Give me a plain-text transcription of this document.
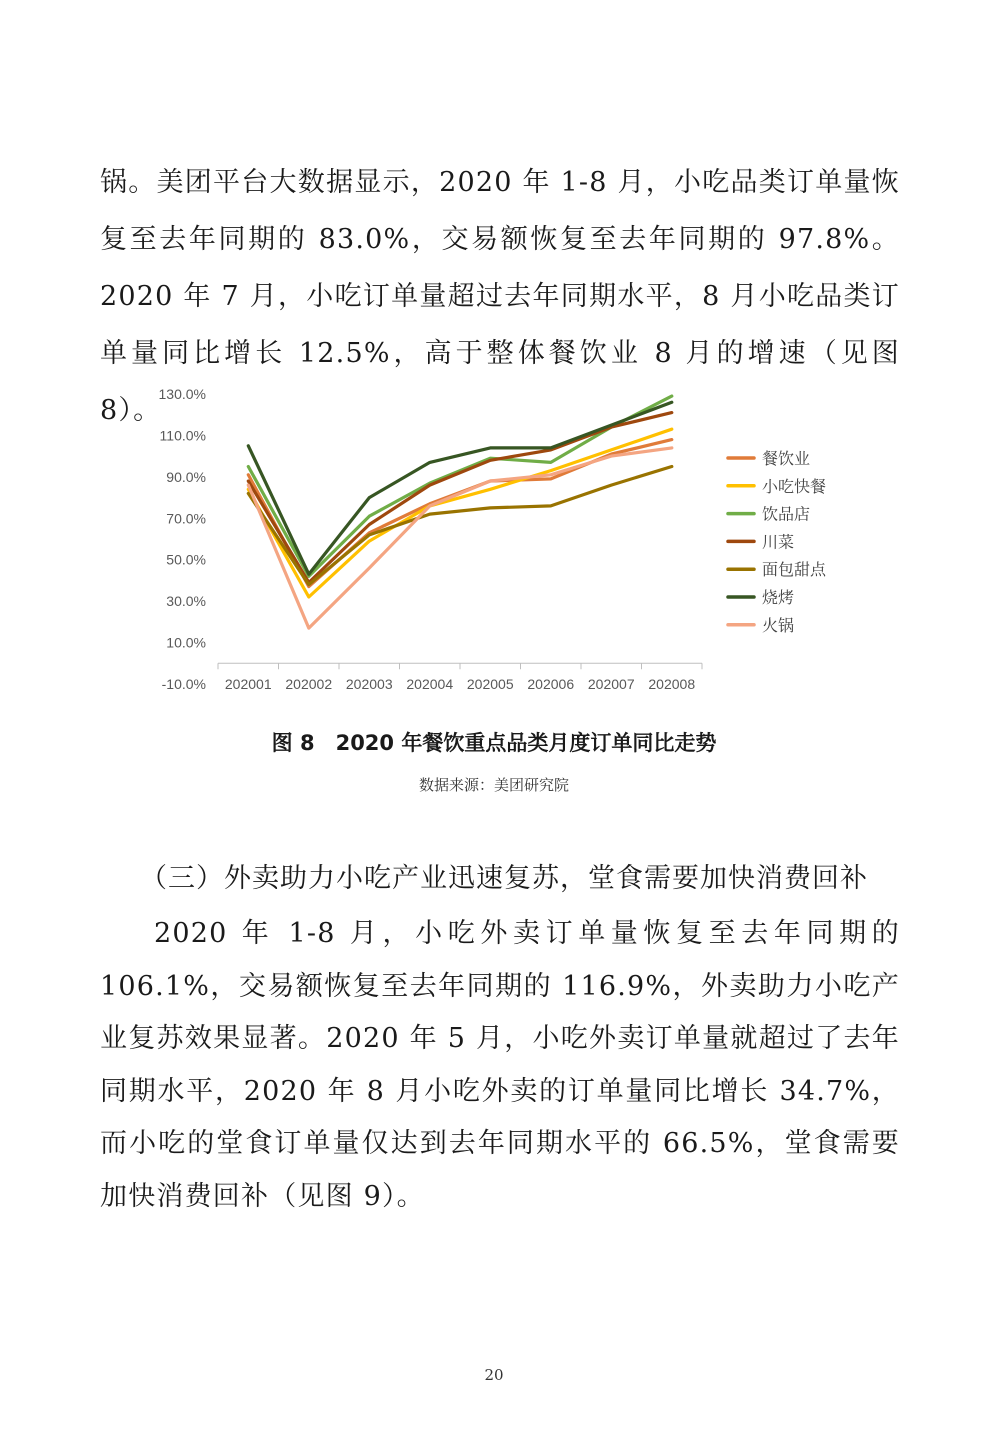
锅。美团平台大数据显示，2020 年 1-8 月，小吃品类订单量恢复至去年同期的 83.0%，交易额恢复至去年同期的 97.8%。2020 年 7 月，小吃订单量超过去年同期水平，8 月小吃品类订单量同比增长 12.5%，高于整体餐饮业 8 月的增速（见图 8）。

130.0%
110.0%
90.0%
70.0%
50.0%
30.0%
10.0%
-10.0% 202001 202002 202003 202004 202005 202006 202007 202008
餐饮业
小吃快餐
饮品店
川菜
面包甜点
烧烤
火锅

图 8　2020 年餐饮重点品类月度订单同比走势

数据来源：美团研究院

（三）外卖助力小吃产业迅速复苏，堂食需要加快消费回补

2020 年 1-8 月，小吃外卖订单量恢复至去年同期的 106.1%，交易额恢复至去年同期的 116.9%，外卖助力小吃产业复苏效果显著。2020 年 5 月，小吃外卖订单量就超过了去年同期水平，2020 年 8 月小吃外卖的订单量同比增长 34.7%，而小吃的堂食订单量仅达到去年同期水平的 66.5%，堂食需要加快消费回补（见图 9）。

20
